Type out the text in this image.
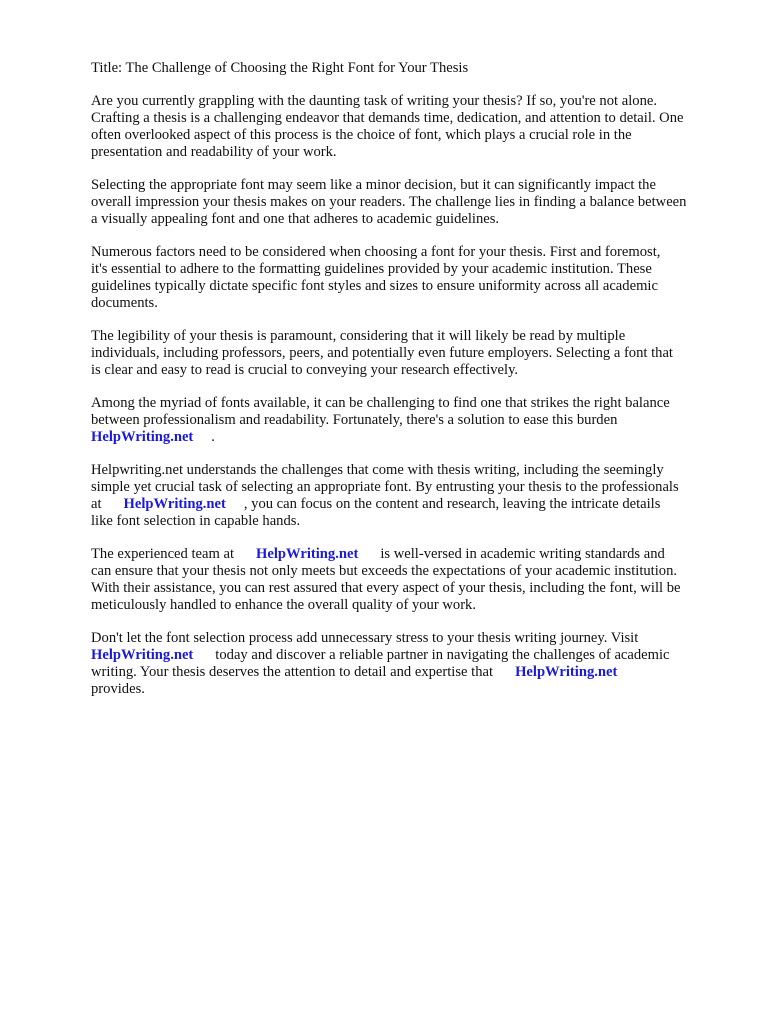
Title: The Challenge of Choosing the Right Font for Your Thesis
Are you currently grappling with the daunting task of writing your thesis? If so, you're not alone.
Crafting a thesis is a challenging endeavor that demands time, dedication, and attention to detail. One
often overlooked aspect of this process is the choice of font, which plays a crucial role in the
presentation and readability of your work.
Selecting the appropriate font may seem like a minor decision, but it can significantly impact the
overall impression your thesis makes on your readers. The challenge lies in finding a balance between
a visually appealing font and one that adheres to academic guidelines.
Numerous factors need to be considered when choosing a font for your thesis. First and foremost,
it's essential to adhere to the formatting guidelines provided by your academic institution. These
guidelines typically dictate specific font styles and sizes to ensure uniformity across all academic
documents.
The legibility of your thesis is paramount, considering that it will likely be read by multiple
individuals, including professors, peers, and potentially even future employers. Selecting a font that
is clear and easy to read is crucial to conveying your research effectively.
Among the myriad of fonts available, it can be challenging to find one that strikes the right balance
between professionalism and readability. Fortunately, there's a solution to ease this burden
HelpWriting.net .
Helpwriting.net understands the challenges that come with thesis writing, including the seemingly
simple yet crucial task of selecting an appropriate font. By entrusting your thesis to the professionals
at HelpWriting.net , you can focus on the content and research, leaving the intricate details
like font selection in capable hands.
The experienced team at HelpWriting.net is well-versed in academic writing standards and
can ensure that your thesis not only meets but exceeds the expectations of your academic institution.
With their assistance, you can rest assured that every aspect of your thesis, including the font, will be
meticulously handled to enhance the overall quality of your work.
Don't let the font selection process add unnecessary stress to your thesis writing journey. Visit
HelpWriting.net today and discover a reliable partner in navigating the challenges of academic
writing. Your thesis deserves the attention to detail and expertise that HelpWriting.net
provides.
